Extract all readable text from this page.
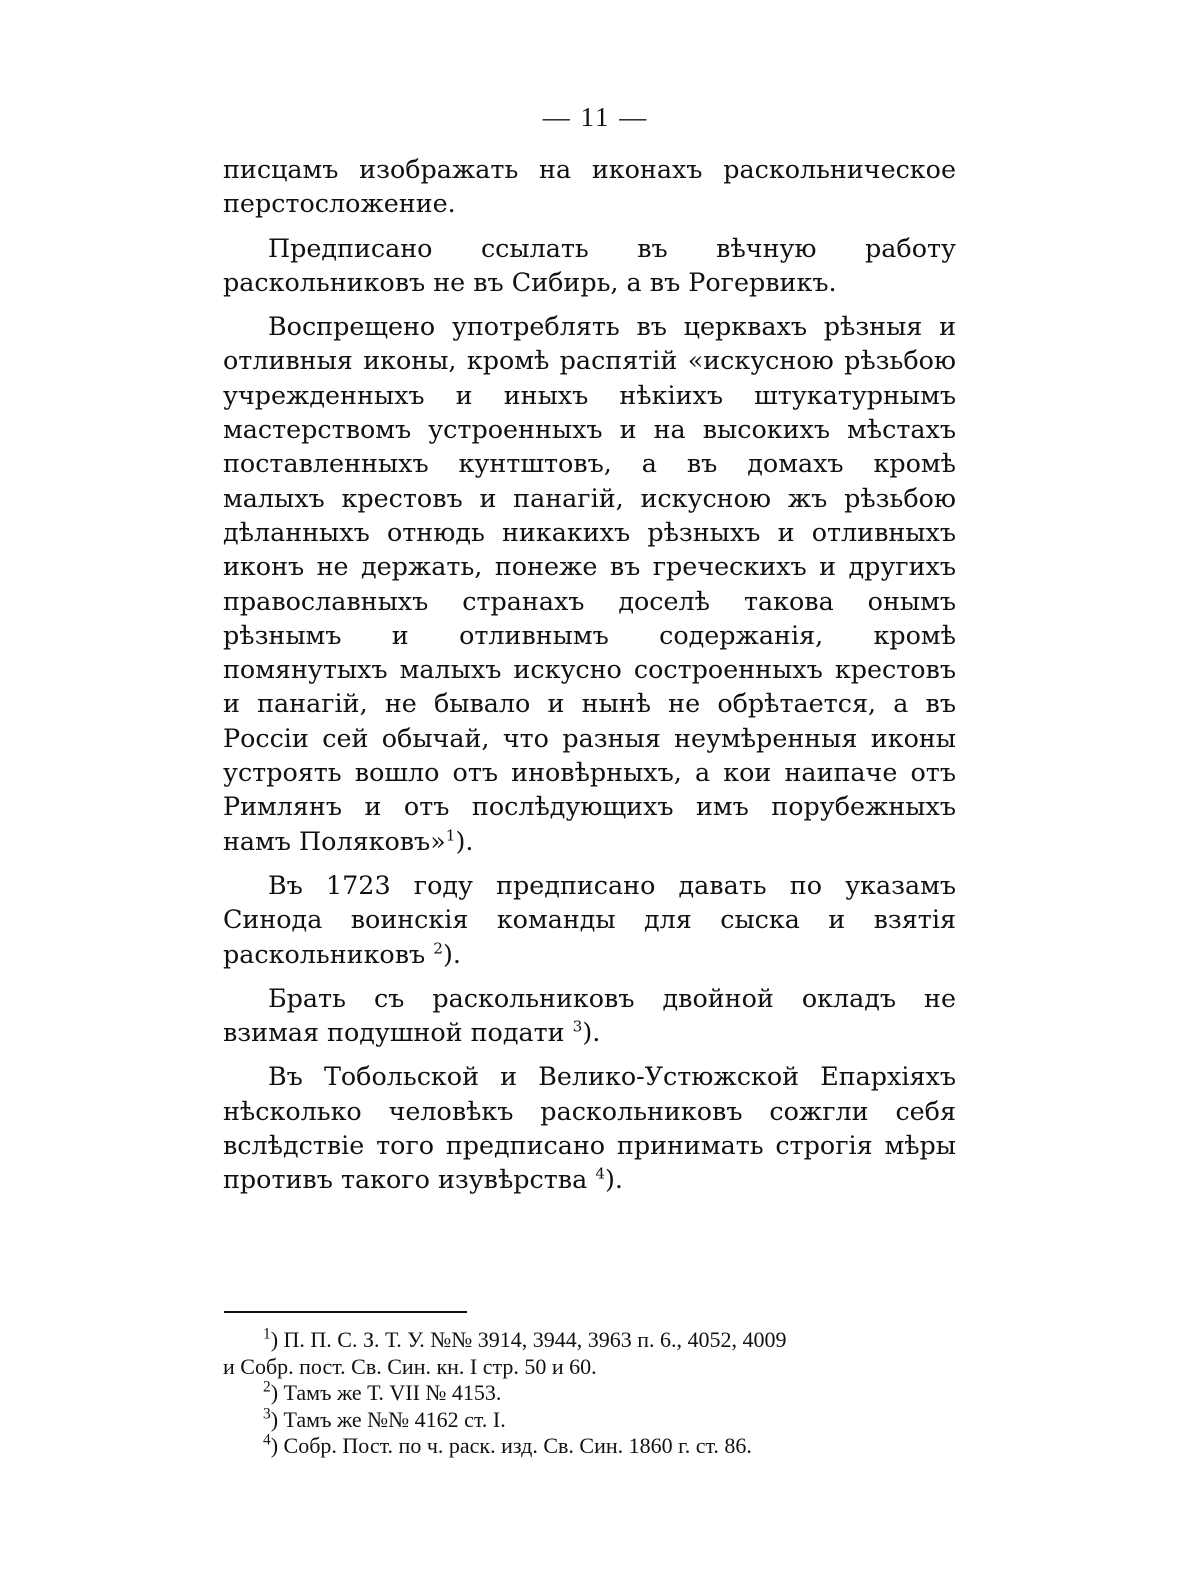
— 11 —

писцамъ изображать на иконахъ раскольническое перстосложение.

Предписано ссылать въ вѣчную работу раскольниковъ не въ Сибирь, а въ Рогервикъ.

Воспрещено употреблять въ церквахъ рѣзныя и отливныя иконы, кромѣ распятій «искусною рѣзьбою учрежденныхъ и иныхъ нѣкіихъ штукатурнымъ мастерствомъ устроенныхъ и на высокихъ мѣстахъ поставленныхъ кунтштовъ, а въ домахъ кромѣ малыхъ крестовъ и панагій, искусною жъ рѣзьбою дѣланныхъ отнюдь никакихъ рѣзныхъ и отливныхъ иконъ не держать, понеже въ греческихъ и другихъ православныхъ странахъ доселѣ такова онымъ рѣзнымъ и отливнымъ содержанія, кромѣ помянутыхъ малыхъ искусно состроенныхъ крестовъ и панагій, не бывало и нынѣ не обрѣтается, а въ Россіи сей обычай, что разныя неумѣренныя иконы устроять вошло отъ иновѣрныхъ, а кои наипаче отъ Римлянъ и отъ послѣдующихъ имъ порубежныхъ намъ Поляковъ»$^1$).

Въ 1723 году предписано давать по указамъ Синода воинскія команды для сыска и взятія раскольниковъ $^2$).

Брать съ раскольниковъ двойной окладъ не взимая подушной подати $^3$).

Въ Тобольской и Велико-Устюжской Епархіяхъ нѣсколько человѣкъ раскольниковъ сожгли себя вслѣдствіе того предписано принимать строгія мѣры противъ такого изувѣрства $^4$).

$^1$) П. П. С. З. Т. У. №№ 3914, 3944, 3963 п. 6., 4052, 4009

и Собр. пост. Св. Син. кн. I стр. 50 и 60.

$^2$) Тамъ же Т. VII № 4153.

$^3$) Тамъ же №№ 4162 ст. I.

$^4$) Собр. Пост. по ч. раск. изд. Св. Син. 1860 г. ст. 86.
